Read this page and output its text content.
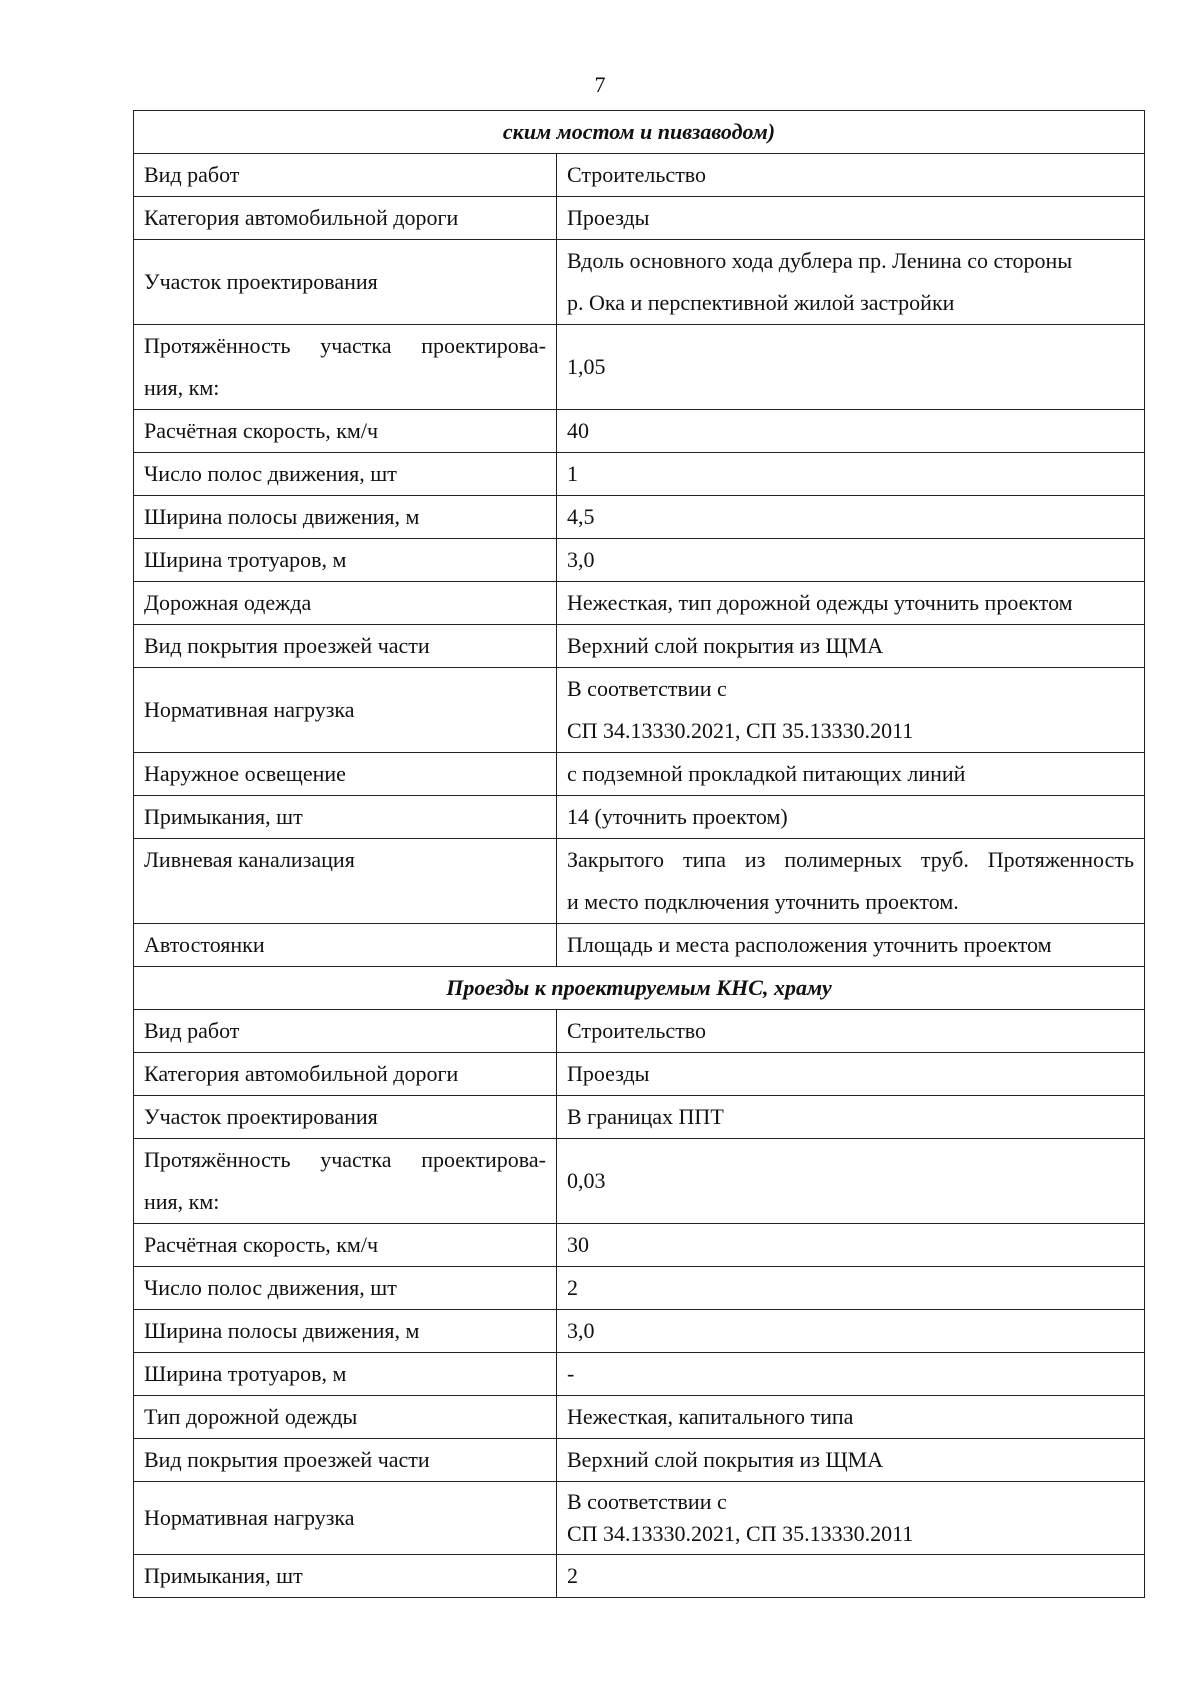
7
ским мостом и пивзаводом)	
Вид работ	Строительство
Категория автомобильной дороги	Проезды
Участок проектирования	Вдоль основного хода дублера пр. Ленина со стороны
р. Ока и перспективной жилой застройки

Протяжённость участка проектирова-
ния, км:	1,05
Расчётная скорость, км/ч	40
Число полос движения, шт	1
Ширина полосы движения, м	4,5
Ширина тротуаров, м	3,0
Дорожная одежда	Нежесткая, тип дорожной одежды уточнить проектом
Вид покрытия проезжей части	Верхний слой покрытия из ЩМА
Нормативная нагрузка	В соответствии с
СП 34.13330.2021, СП 35.13330.2011

Наружное освещение	с подземной прокладкой питающих линий
Примыкания, шт	14 (уточнить проектом)
Ливневая канализация	Закрытого типа из полимерных труб. Протяженность
и место подключения уточнить проектом.

Автостоянки	Площадь и места расположения уточнить проектом
Проезды к проектируемым КНС, храму	
Вид работ	Строительство
Категория автомобильной дороги	Проезды
Участок проектирования	В границах ППТ

Протяжённость участка проектирова-
ния, км:	0,03
Расчётная скорость, км/ч	30
Число полос движения, шт	2
Ширина полосы движения, м	3,0
Ширина тротуаров, м	-
Тип дорожной одежды	Нежесткая, капитального типа
Вид покрытия проезжей части	Верхний слой покрытия из ЩМА
Нормативная нагрузка	В соответствии с
СП 34.13330.2021, СП 35.13330.2011

Примыкания, шт	2
